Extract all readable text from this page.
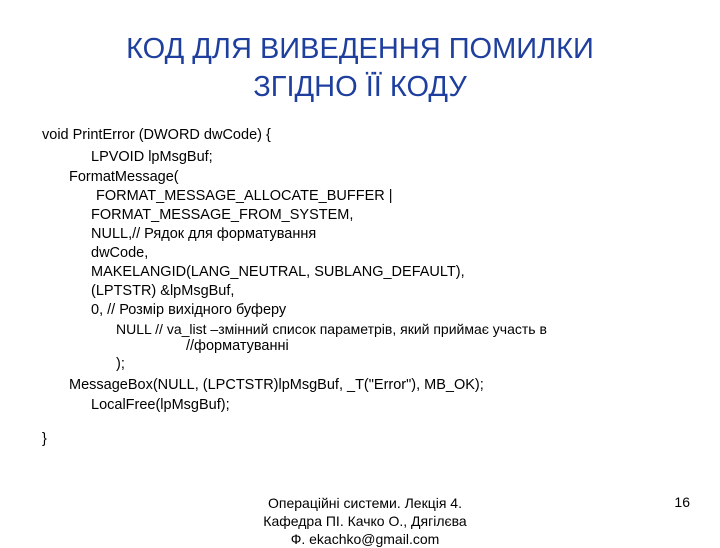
КОД ДЛЯ ВИВЕДЕННЯ ПОМИЛКИ
ЗГІДНО ЇЇ КОДУ
void PrintError (DWORD dwCode) {
LPVOID lpMsgBuf;
FormatMessage(
FORMAT_MESSAGE_ALLOCATE_BUFFER |
FORMAT_MESSAGE_FROM_SYSTEM,
NULL,// Рядок для форматування
dwCode,
MAKELANGID(LANG_NEUTRAL, SUBLANG_DEFAULT),
(LPTSTR) &lpMsgBuf,
0, // Розмір вихідного буферу
NULL // va_list –змінний список параметрів, який приймає участь в
//форматуванні
);
MessageBox(NULL, (LPCTSTR)lpMsgBuf, _T("Error"), MB_OK);
LocalFree(lpMsgBuf);
}
Операційні системи. Лекція 4.
Кафедра ПІ. Качко О., Дягілєва
Ф. ekachko@gmail.com
16
